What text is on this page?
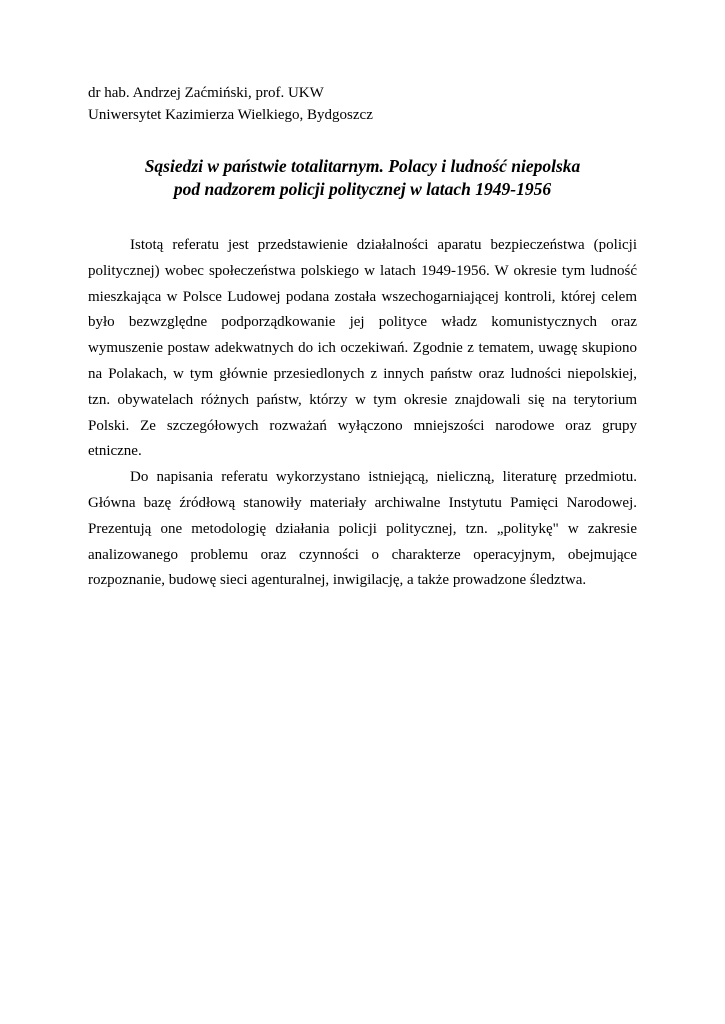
dr hab. Andrzej Zaćmiński, prof. UKW
Uniwersytet Kazimierza Wielkiego, Bydgoszcz
Sąsiedzi w państwie totalitarnym. Polacy i ludność niepolska
pod nadzorem policji politycznej w latach 1949-1956

Istotą referatu jest przedstawienie działalności aparatu bezpieczeństwa (policji politycznej) wobec społeczeństwa polskiego w latach 1949-1956. W okresie tym ludność mieszkająca w Polsce Ludowej podana została wszechogarniającej kontroli, której celem było bezwzględne podporządkowanie jej polityce władz komunistycznych oraz wymuszenie postaw adekwatnych do ich oczekiwań. Zgodnie z tematem, uwagę skupiono na Polakach, w tym głównie przesiedlonych z innych państw oraz ludności niepolskiej, tzn. obywatelach różnych państw, którzy w tym okresie znajdowali się na terytorium Polski. Ze szczegółowych rozważań wyłączono mniejszości narodowe oraz grupy etniczne.

Do napisania referatu wykorzystano istniejącą, nieliczną, literaturę przedmiotu. Główna bazę źródłową stanowiły materiały archiwalne Instytutu Pamięci Narodowej. Prezentują one metodologię działania policji politycznej, tzn. „politykę" w zakresie analizowanego problemu oraz czynności o charakterze operacyjnym, obejmujące rozpoznanie, budowę sieci agenturalnej, inwigilację, a także prowadzone śledztwa.
